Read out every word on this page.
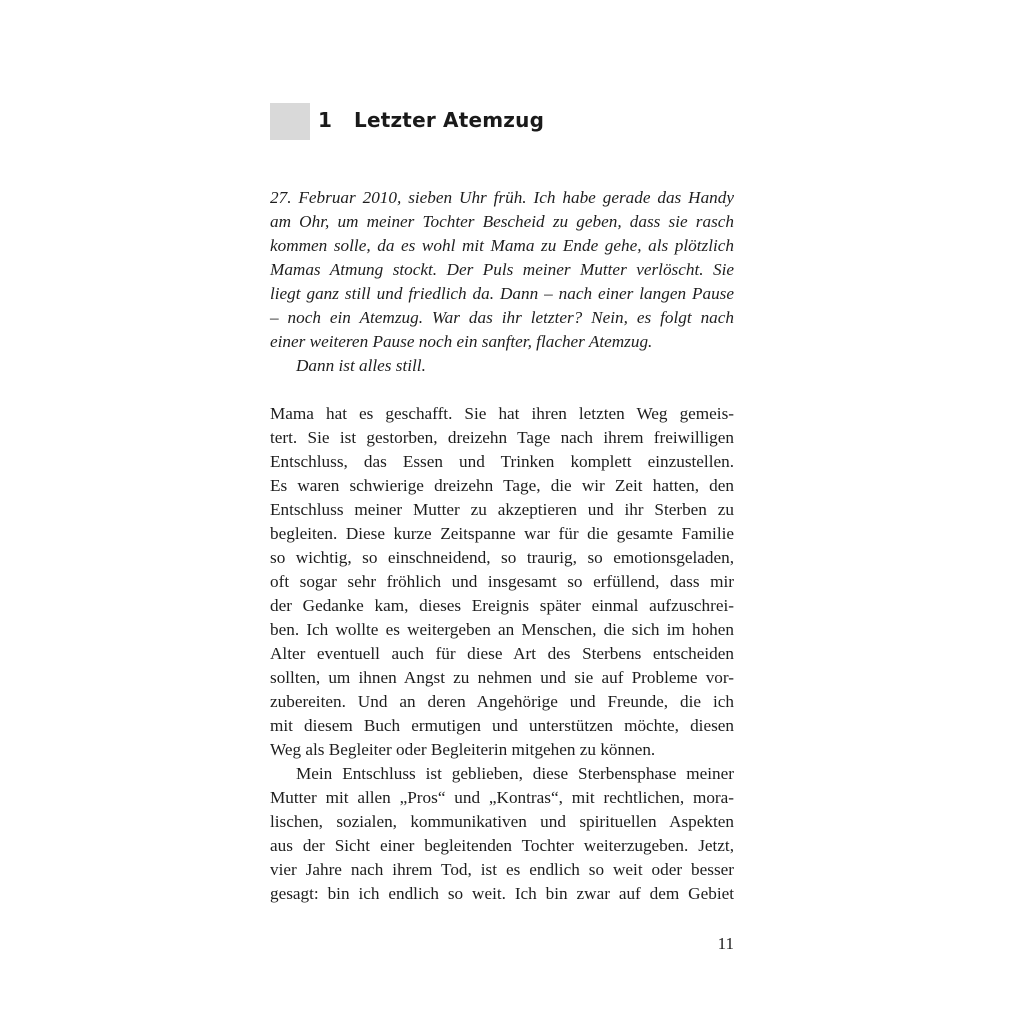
1 Letzter Atemzug
27. Februar 2010, sieben Uhr früh. Ich habe gerade das Handy
am Ohr, um meiner Tochter Bescheid zu geben, dass sie rasch
kommen solle, da es wohl mit Mama zu Ende gehe, als plötzlich
Mamas Atmung stockt. Der Puls meiner Mutter verlöscht. Sie
liegt ganz still und friedlich da. Dann – nach einer langen Pause
– noch ein Atemzug. War das ihr letzter? Nein, es folgt nach
einer weiteren Pause noch ein sanfter, flacher Atemzug.
Dann ist alles still.
Mama hat es geschafft. Sie hat ihren letzten Weg gemeis-
tert. Sie ist gestorben, dreizehn Tage nach ihrem freiwilligen
Entschluss, das Essen und Trinken komplett einzustellen.
Es waren schwierige dreizehn Tage, die wir Zeit hatten, den
Entschluss meiner Mutter zu akzeptieren und ihr Sterben zu
begleiten. Diese kurze Zeitspanne war für die gesamte Familie
so wichtig, so einschneidend, so traurig, so emotionsgeladen,
oft sogar sehr fröhlich und insgesamt so erfüllend, dass mir
der Gedanke kam, dieses Ereignis später einmal aufzuschrei-
ben. Ich wollte es weitergeben an Menschen, die sich im hohen
Alter eventuell auch für diese Art des Sterbens entscheiden
sollten, um ihnen Angst zu nehmen und sie auf Probleme vor-
zubereiten. Und an deren Angehörige und Freunde, die ich
mit diesem Buch ermutigen und unterstützen möchte, diesen
Weg als Begleiter oder Begleiterin mitgehen zu können.
Mein Entschluss ist geblieben, diese Sterbensphase meiner
Mutter mit allen „Pros“ und „Kontras“, mit rechtlichen, mora-
lischen, sozialen, kommunikativen und spirituellen Aspekten
aus der Sicht einer begleitenden Tochter weiterzugeben. Jetzt,
vier Jahre nach ihrem Tod, ist es endlich so weit oder besser
gesagt: bin ich endlich so weit. Ich bin zwar auf dem Gebiet
11
